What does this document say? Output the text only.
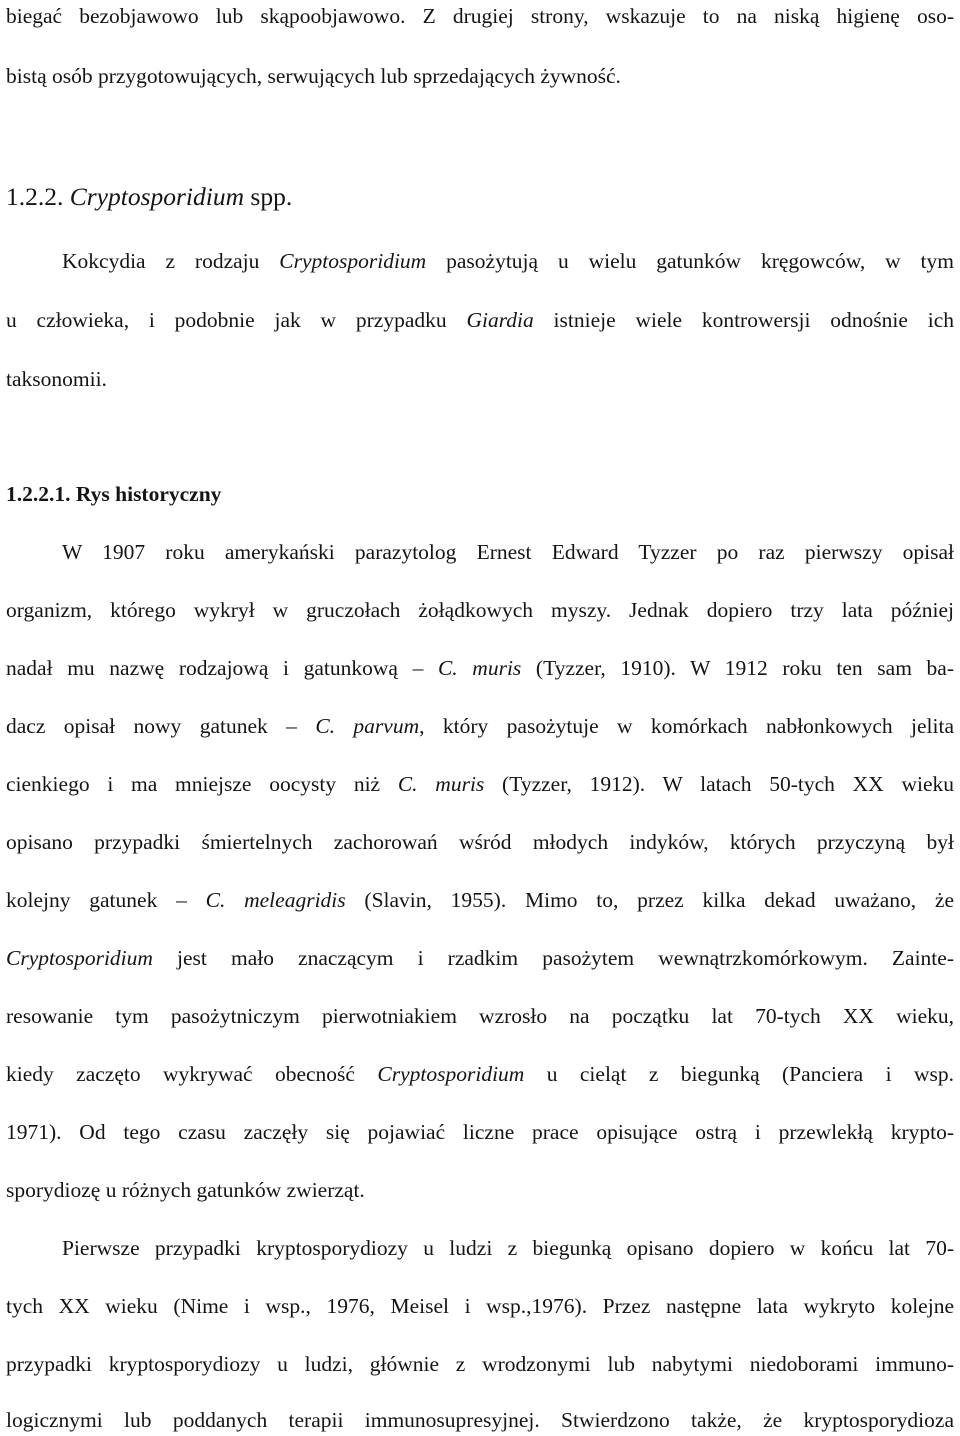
biegać bezobjawowo lub skąpoobjawowo. Z drugiej strony, wskazuje to na niską higienę oso-
bistą osób przygotowujących, serwujących lub sprzedających żywność.
1.2.2. Cryptosporidium spp.
Kokcydia z rodzaju Cryptosporidium pasożytują u wielu gatunków kręgowców, w tym
u człowieka, i podobnie jak w przypadku Giardia istnieje wiele kontrowersji odnośnie ich
taksonomii.
1.2.2.1. Rys historyczny
W 1907 roku amerykański parazytolog Ernest Edward Tyzzer po raz pierwszy opisał
organizm, którego wykrył w gruczołach żołądkowych myszy. Jednak dopiero trzy lata później
nadał mu nazwę rodzajową i gatunkową – C. muris (Tyzzer, 1910). W 1912 roku ten sam ba-
dacz opisał nowy gatunek – C. parvum, który pasożytuje w komórkach nabłonkowych jelita
cienkiego i ma mniejsze oocysty niż C. muris (Tyzzer, 1912). W latach 50-tych XX wieku
opisano przypadki śmiertelnych zachorowań wśród młodych indyków, których przyczyną był
kolejny gatunek – C. meleagridis (Slavin, 1955). Mimo to, przez kilka dekad uważano, że
Cryptosporidium jest mało znaczącym i rzadkim pasożytem wewnątrzkomórkowym. Zainte-
resowanie tym pasożytniczym pierwotniakiem wzrosło na początku lat 70-tych XX wieku,
kiedy zaczęto wykrywać obecność Cryptosporidium u cieląt z biegunką (Panciera i wsp.
1971). Od tego czasu zaczęły się pojawiać liczne prace opisujące ostrą i przewlekłą krypto-
sporydiozę u różnych gatunków zwierząt.
Pierwsze przypadki kryptosporydiozy u ludzi z biegunką opisano dopiero w końcu lat 70-
tych XX wieku (Nime i wsp., 1976, Meisel i wsp.,1976). Przez następne lata wykryto kolejne
przypadki kryptosporydiozy u ludzi, głównie z wrodzonymi lub nabytymi niedoborami immuno-
logicznymi lub poddanych terapii immunosupresyjnej. Stwierdzono także, że kryptosporydioza
